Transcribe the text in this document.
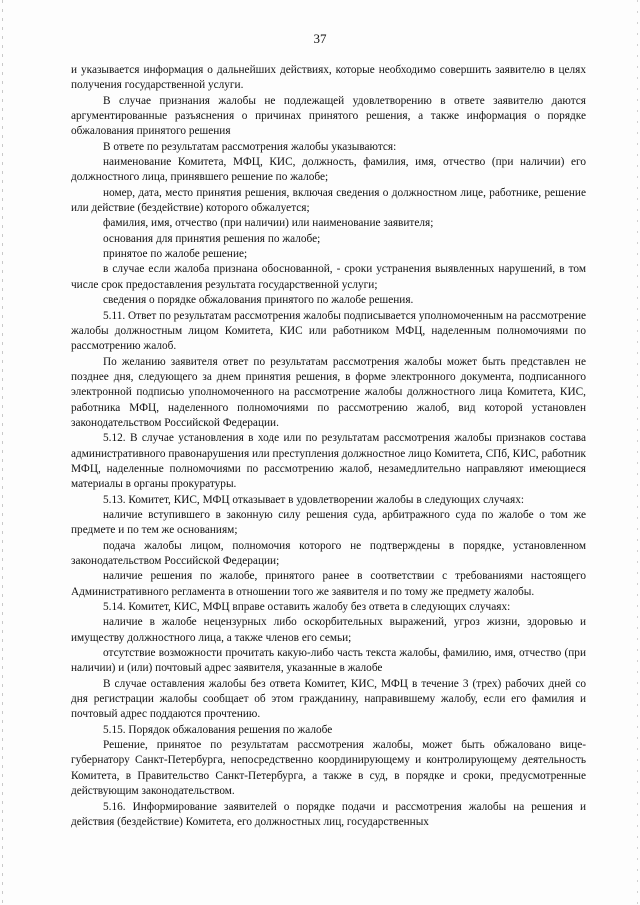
37

и указывается информация о дальнейших действиях, которые необходимо совершить заявителю в целях получения государственной услуги.

В случае признания жалобы не подлежащей удовлетворению в ответе заявителю даются аргументированные разъяснения о причинах принятого решения, а также информация о порядке обжалования принятого решения

В ответе по результатам рассмотрения жалобы указываются:

наименование Комитета, МФЦ, КИС, должность, фамилия, имя, отчество (при наличии) его должностного лица, принявшего решение по жалобе;

номер, дата, место принятия решения, включая сведения о должностном лице, работнике, решение или действие (бездействие) которого обжалуется;

фамилия, имя, отчество (при наличии) или наименование заявителя;

основания для принятия решения по жалобе;

принятое по жалобе решение;

в случае если жалоба признана обоснованной, - сроки устранения выявленных нарушений, в том числе срок предоставления результата государственной услуги;

сведения о порядке обжалования принятого по жалобе решения.

5.11. Ответ по результатам рассмотрения жалобы подписывается уполномоченным на рассмотрение жалобы должностным лицом Комитета, КИС или работником МФЦ, наделенным полномочиями по рассмотрению жалоб.

По желанию заявителя ответ по результатам рассмотрения жалобы может быть представлен не позднее дня, следующего за днем принятия решения, в форме электронного документа, подписанного электронной подписью уполномоченного на рассмотрение жалобы должностного лица Комитета, КИС, работника МФЦ, наделенного полномочиями по рассмотрению жалоб, вид которой установлен законодательством Российской Федерации.

5.12. В случае установления в ходе или по результатам рассмотрения жалобы признаков состава административного правонарушения или преступления должностное лицо Комитета, СПб, КИС, работник МФЦ, наделенные полномочиями по рассмотрению жалоб, незамедлительно направляют имеющиеся материалы в органы прокуратуры.

5.13. Комитет, КИС, МФЦ отказывает в удовлетворении жалобы в следующих случаях:

наличие вступившего в законную силу решения суда, арбитражного суда по жалобе о том же предмете и по тем же основаниям;

подача жалобы лицом, полномочия которого не подтверждены в порядке, установленном законодательством Российской Федерации;

наличие решения по жалобе, принятого ранее в соответствии с требованиями настоящего Административного регламента в отношении того же заявителя и по тому же предмету жалобы.

5.14. Комитет, КИС, МФЦ вправе оставить жалобу без ответа в следующих случаях:

наличие в жалобе нецензурных либо оскорбительных выражений, угроз жизни, здоровью и имуществу должностного лица, а также членов его семьи;

отсутствие возможности прочитать какую-либо часть текста жалобы, фамилию, имя, отчество (при наличии) и (или) почтовый адрес заявителя, указанные в жалобе

В случае оставления жалобы без ответа Комитет, КИС, МФЦ в течение 3 (трех) рабочих дней со дня регистрации жалобы сообщает об этом гражданину, направившему жалобу, если его фамилия и почтовый адрес поддаются прочтению.

5.15. Порядок обжалования решения по жалобе

Решение, принятое по результатам рассмотрения жалобы, может быть обжаловано вице-губернатору Санкт-Петербурга, непосредственно координирующему и контролирующему деятельность Комитета, в Правительство Санкт-Петербурга, а также в суд, в порядке и сроки, предусмотренные действующим законодательством.

5.16. Информирование заявителей о порядке подачи и рассмотрения жалобы на решения и действия (бездействие) Комитета, его должностных лиц, государственных
